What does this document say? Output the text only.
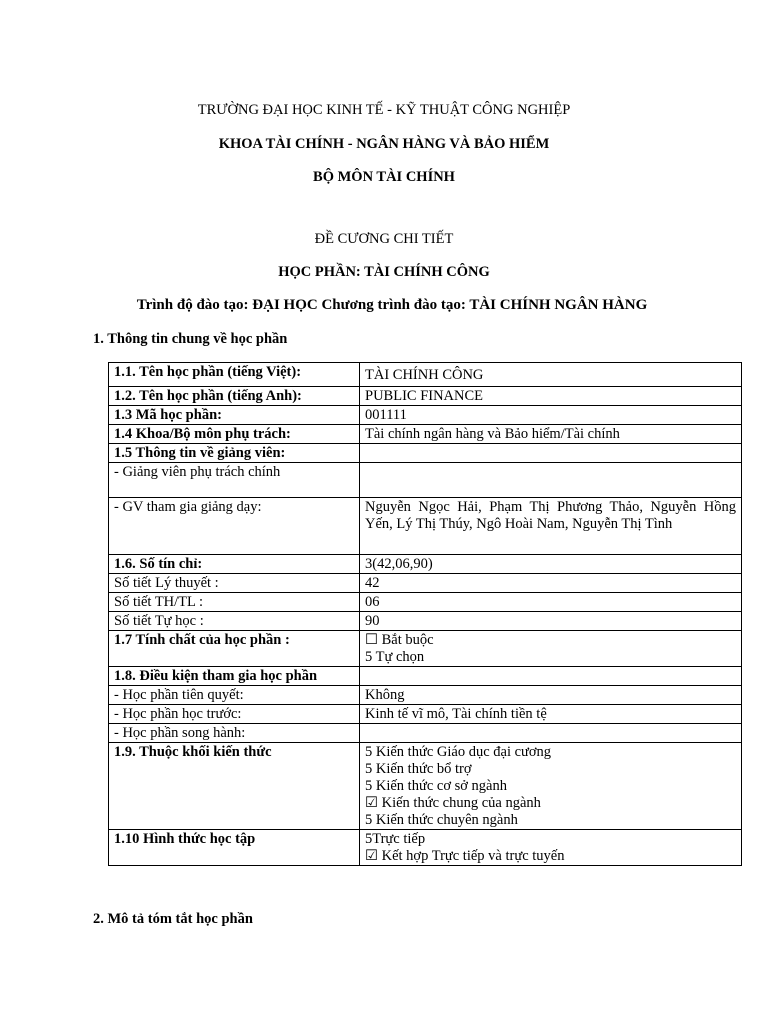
TRƯỜNG ĐẠI HỌC KINH TẾ - KỸ THUẬT CÔNG NGHIỆP
KHOA TÀI CHÍNH - NGÂN HÀNG VÀ BẢO HIỂM
BỘ MÔN TÀI CHÍNH
ĐỀ CƯƠNG CHI TIẾT
HỌC PHẦN: TÀI CHÍNH CÔNG
Trình độ đào tạo: ĐẠI HỌC Chương trình đào tạo: TÀI CHÍNH NGÂN HÀNG
1. Thông tin chung về học phần
1.1. Tên học phần (tiếng Việt):	TÀI CHÍNH CÔNG
1.2. Tên học phần (tiếng Anh):	PUBLIC FINANCE
1.3 Mã học phần:	001111
1.4 Khoa/Bộ môn phụ trách:	Tài chính ngân hàng và Bảo hiểm/Tài chính
1.5 Thông tin về giảng viên:	
- Giảng viên phụ trách chính	
- GV tham gia giảng dạy:	Nguyễn Ngọc Hải, Phạm Thị Phương Thảo, Nguyễn Hồng Yến, Lý Thị Thúy, Ngô Hoài Nam, Nguyễn Thị Tình
1.6. Số tín chỉ:	3(42,06,90)
Số tiết Lý thuyết :	42
Số tiết TH/TL :	06
Số tiết Tự học :	90
1.7 Tính chất của học phần :	☐ Bắt buộc
5 Tự chọn

1.8. Điều kiện tham gia học phần	
- Học phần tiên quyết:	Không
- Học phần học trước:	Kinh tế vĩ mô, Tài chính tiền tệ
- Học phần song hành:	
1.9. Thuộc khối kiến thức	5 Kiến thức Giáo dục đại cương
5 Kiến thức bổ trợ
5 Kiến thức cơ sở ngành
☑ Kiến thức chung của ngành
5 Kiến thức chuyên ngành

1.10 Hình thức học tập	5Trực tiếp
☑ Kết hợp Trực tiếp và trực tuyến
2. Mô tả tóm tắt học phần
